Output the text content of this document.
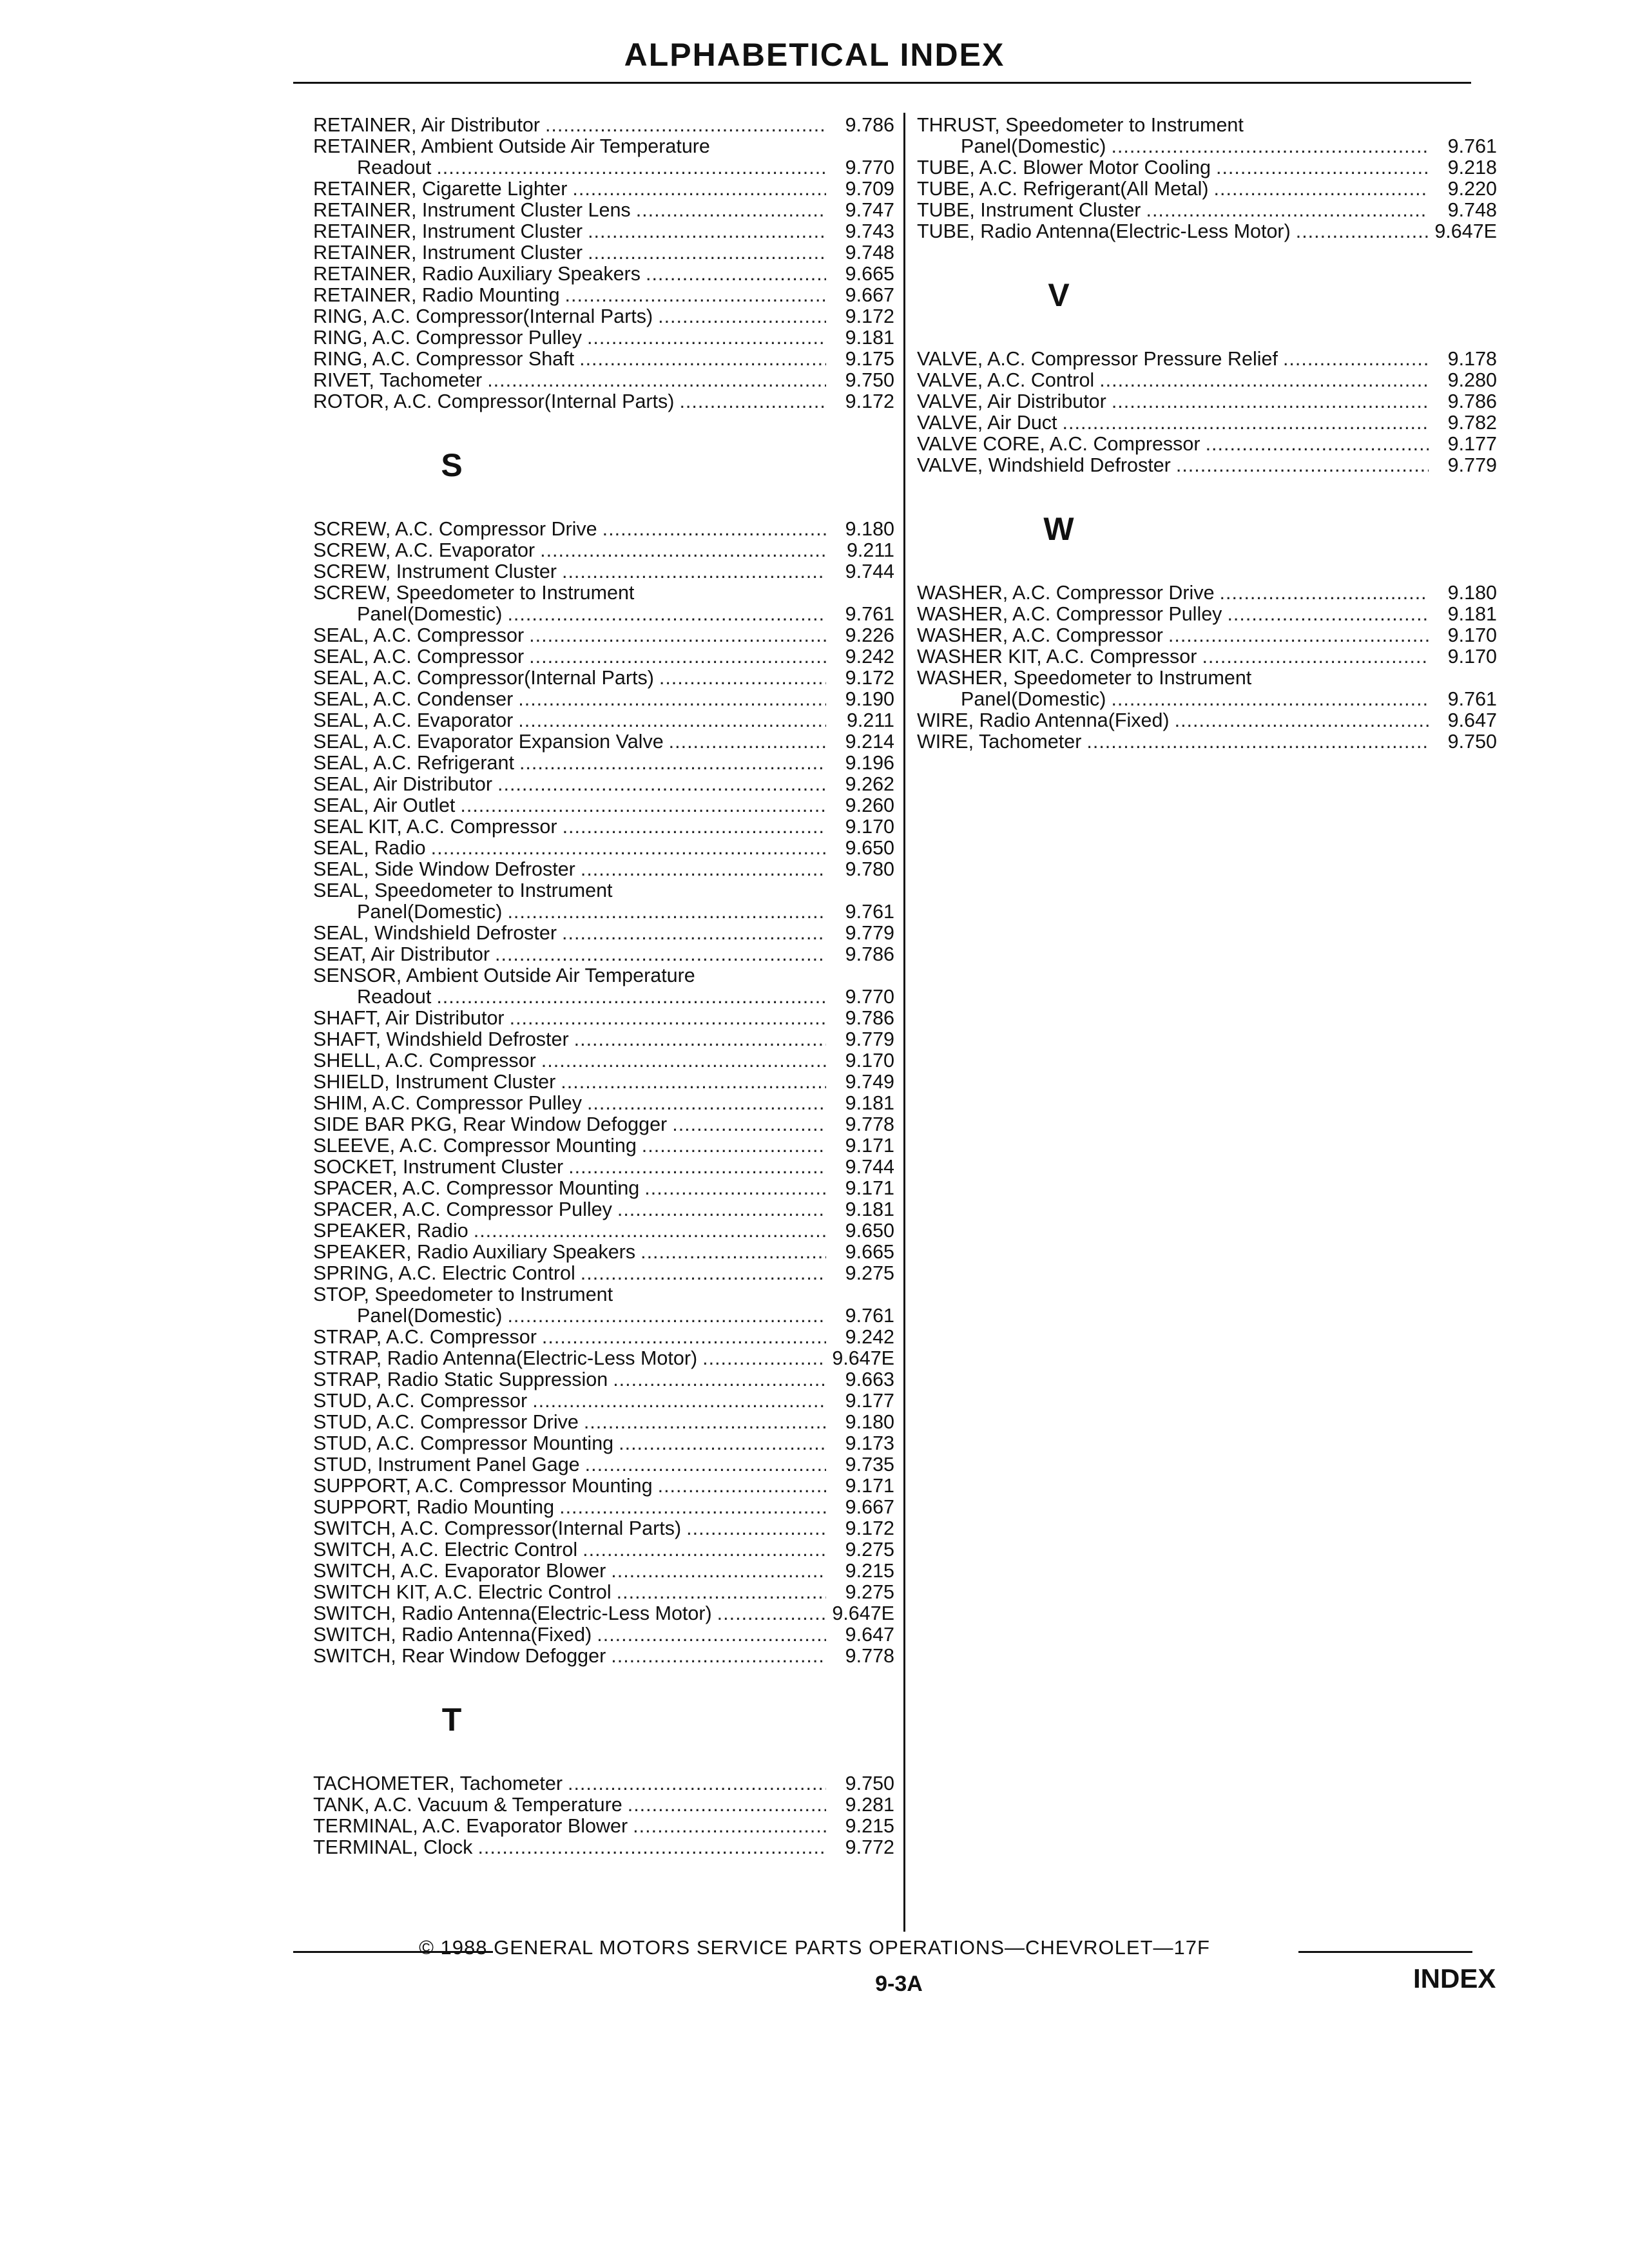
ALPHABETICAL INDEX
RETAINER, Air Distributor .....	9.786
RETAINER, Ambient Outside Air Temperature
Readout .....	9.770
RETAINER, Cigarette Lighter .....	9.709
RETAINER, Instrument Cluster Lens .....	9.747
RETAINER, Instrument Cluster .....	9.743
RETAINER, Instrument Cluster .....	9.748
RETAINER, Radio Auxiliary Speakers .....	9.665
RETAINER, Radio Mounting .....	9.667
RING, A.C. Compressor(Internal Parts) .....	9.172
RING, A.C. Compressor Pulley .....	9.181
RING, A.C. Compressor Shaft .....	9.175
RIVET, Tachometer .....	9.750
ROTOR, A.C. Compressor(Internal Parts) .....	9.172
S
SCREW, A.C. Compressor Drive .....	9.180
SCREW, A.C. Evaporator .....	9.211
SCREW, Instrument Cluster .....	9.744
SCREW, Speedometer to Instrument
Panel(Domestic) .....	9.761
SEAL, A.C. Compressor .....	9.226
SEAL, A.C. Compressor .....	9.242
SEAL, A.C. Compressor(Internal Parts) .....	9.172
SEAL, A.C. Condenser .....	9.190
SEAL, A.C. Evaporator .....	9.211
SEAL, A.C. Evaporator Expansion Valve .....	9.214
SEAL, A.C. Refrigerant .....	9.196
SEAL, Air Distributor .....	9.262
SEAL, Air Outlet .....	9.260
SEAL KIT, A.C. Compressor .....	9.170
SEAL, Radio .....	9.650
SEAL, Side Window Defroster .....	9.780
SEAL, Speedometer to Instrument
Panel(Domestic) .....	9.761
SEAL, Windshield Defroster .....	9.779
SEAT, Air Distributor .....	9.786
SENSOR, Ambient Outside Air Temperature
Readout .....	9.770
SHAFT, Air Distributor .....	9.786
SHAFT, Windshield Defroster .....	9.779
SHELL, A.C. Compressor .....	9.170
SHIELD, Instrument Cluster .....	9.749
SHIM, A.C. Compressor Pulley .....	9.181
SIDE BAR PKG, Rear Window Defogger .....	9.778
SLEEVE, A.C. Compressor Mounting .....	9.171
SOCKET, Instrument Cluster .....	9.744
SPACER, A.C. Compressor Mounting .....	9.171
SPACER, A.C. Compressor Pulley .....	9.181
SPEAKER, Radio .....	9.650
SPEAKER, Radio Auxiliary Speakers .....	9.665
SPRING, A.C. Electric Control .....	9.275
STOP, Speedometer to Instrument
Panel(Domestic) .....	9.761
STRAP, A.C. Compressor .....	9.242
STRAP, Radio Antenna(Electric-Less Motor) .....	9.647E
STRAP, Radio Static Suppression .....	9.663
STUD, A.C. Compressor .....	9.177
STUD, A.C. Compressor Drive .....	9.180
STUD, A.C. Compressor Mounting .....	9.173
STUD, Instrument Panel Gage .....	9.735
SUPPORT, A.C. Compressor Mounting .....	9.171
SUPPORT, Radio Mounting .....	9.667
SWITCH, A.C. Compressor(Internal Parts) .....	9.172
SWITCH, A.C. Electric Control .....	9.275
SWITCH, A.C. Evaporator Blower .....	9.215
SWITCH KIT, A.C. Electric Control .....	9.275
SWITCH, Radio Antenna(Electric-Less Motor) .....	9.647E
SWITCH, Radio Antenna(Fixed) .....	9.647
SWITCH, Rear Window Defogger .....	9.778
T
TACHOMETER, Tachometer .....	9.750
TANK, A.C. Vacuum & Temperature .....	9.281
TERMINAL, A.C. Evaporator Blower .....	9.215
TERMINAL, Clock .....	9.772
THRUST, Speedometer to Instrument
Panel(Domestic) .....	9.761
TUBE, A.C. Blower Motor Cooling .....	9.218
TUBE, A.C. Refrigerant(All Metal) .....	9.220
TUBE, Instrument Cluster .....	9.748
TUBE, Radio Antenna(Electric-Less Motor) .....	9.647E
V
VALVE, A.C. Compressor Pressure Relief .....	9.178
VALVE, A.C. Control .....	9.280
VALVE, Air Distributor .....	9.786
VALVE, Air Duct .....	9.782
VALVE CORE, A.C. Compressor .....	9.177
VALVE, Windshield Defroster .....	9.779
W
WASHER, A.C. Compressor Drive .....	9.180
WASHER, A.C. Compressor Pulley .....	9.181
WASHER, A.C. Compressor .....	9.170
WASHER KIT, A.C. Compressor .....	9.170
WASHER, Speedometer to Instrument
Panel(Domestic) .....	9.761
WIRE, Radio Antenna(Fixed) .....	9.647
WIRE, Tachometer .....	9.750
© 1988 GENERAL MOTORS SERVICE PARTS OPERATIONS—CHEVROLET—17F
9-3A	INDEX
